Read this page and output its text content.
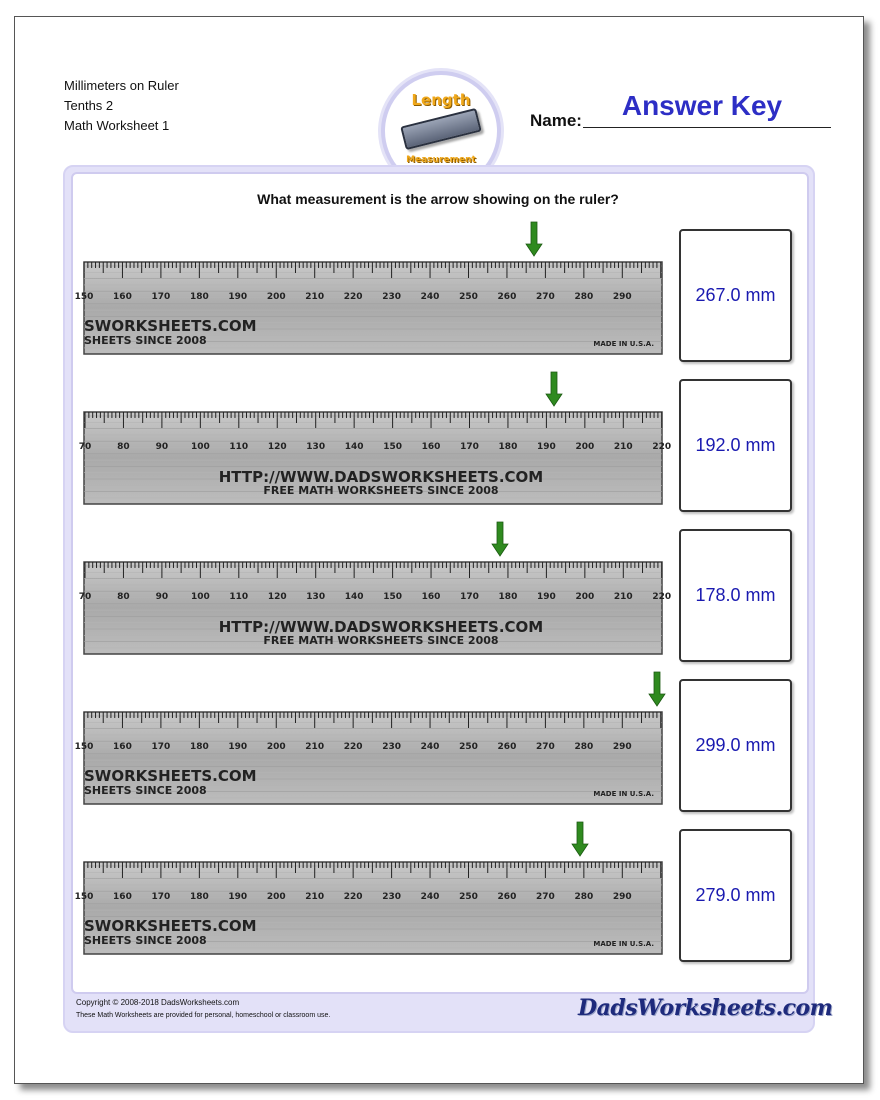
Millimeters on Ruler
Tenths 2
Math Worksheet 1
Length
Measurement
Name:	Answer Key
What measurement is the arrow showing on the ruler?
150 160 170 180 190 200 210 220 230 240 250 260 270 280 290
SWORKSHEETS.COM
SHEETS SINCE 2008	MADE IN U.S.A.
267.0 mm
70	80	90	100 110 120 130 140 150 160 170 180 190 200 210 220
HTTP://WWW.DADSWORKSHEETS.COM
FREE MATH WORKSHEETS SINCE 2008
192.0 mm
70	80	90	100 110 120 130 140 150 160 170 180 190 200 210 220
HTTP://WWW.DADSWORKSHEETS.COM
FREE MATH WORKSHEETS SINCE 2008
178.0 mm
150 160 170 180 190 200 210 220 230 240 250 260 270 280 290
SWORKSHEETS.COM
SHEETS SINCE 2008	MADE IN U.S.A.
299.0 mm
150 160 170 180 190 200 210 220 230 240 250 260 270 280 290
SWORKSHEETS.COM
SHEETS SINCE 2008	MADE IN U.S.A.
279.0 mm
Copyright © 2008-2018 DadsWorksheets.com
These Math Worksheets are provided for personal, homeschool or classroom use.	DadsWorksheets.com
